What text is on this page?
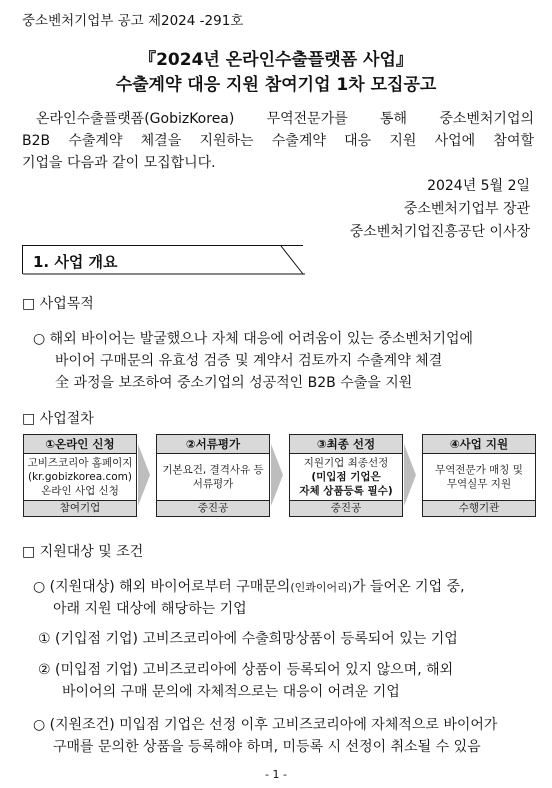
중소벤처기업부 공고 제2024 -291호
『2024년 온라인수출플랫폼 사업』
수출계약 대응 지원 참여기업 1차 모집공고
온라인수출플랫폼(GobizKorea) 무역전문가를 통해 중소벤처기업의
B2B 수출계약 체결을 지원하는 수출계약 대응 지원 사업에 참여할
기업을 다음과 같이 모집합니다.
2024년 5월 2일
중소벤처기업부 장관
중소벤처기업진흥공단 이사장
1. 사업 개요
□ 사업목적
○ 해외 바이어는 발굴했으나 자체 대응에 어려움이 있는 중소벤처기업에
바이어 구매문의 유효성 검증 및 계약서 검토까지 수출계약 체결
全 과정을 보조하여 중소기업의 성공적인 B2B 수출을 지원
□ 사업절차
①온라인 신청
고비즈코리아 홈페이지
(kr.gobizkorea.com)
온라인 사업 신청
참여기업
②서류평가
기본요건, 결격사유 등
서류평가
중진공
③최종 선정
지원기업 최종선정
(미입점 기업은
자체 상품등록 필수)
중진공
④사업 지원
무역전문가 매칭 및
무역실무 지원
수행기관
□ 지원대상 및 조건
○ (지원대상) 해외 바이어로부터 구매문의(인콰이어리)가 들어온 기업 중,
아래 지원 대상에 해당하는 기업
① (기입점 기업) 고비즈코리아에 수출희망상품이 등록되어 있는 기업
② (미입점 기업) 고비즈코리아에 상품이 등록되어 있지 않으며, 해외
바이어의 구매 문의에 자체적으로는 대응이 어려운 기업
○ (지원조건) 미입점 기업은 선정 이후 고비즈코리아에 자체적으로 바이어가
구매를 문의한 상품을 등록해야 하며, 미등록 시 선정이 취소될 수 있음
- 1 -
